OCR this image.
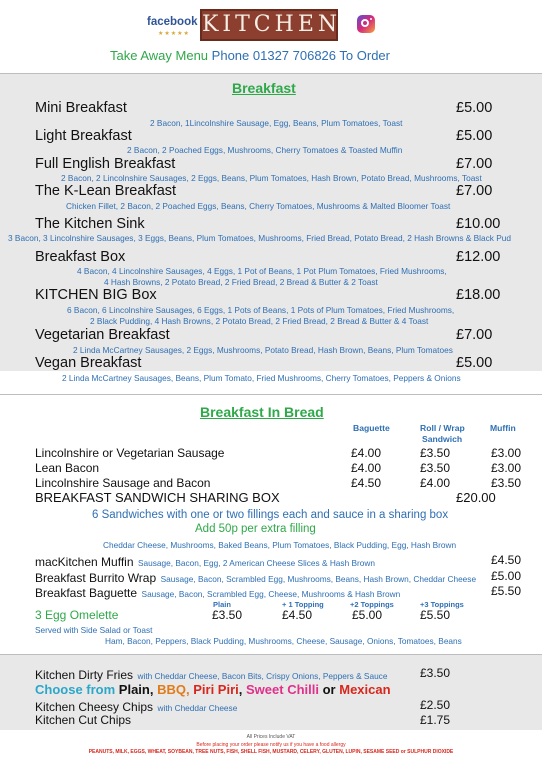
facebook
★★★★★ KITCHEN
Take Away Menu Phone 01327 706826 To Order
Breakfast
Mini Breakfast	£5.00
2 Bacon, 1Lincolnshire Sausage, Egg, Beans, Plum Tomatoes, Toast
Light Breakfast	£5.00
2 Bacon, 2 Poached Eggs, Mushrooms, Cherry Tomatoes & Toasted Muffin
Full English Breakfast	£7.00
2 Bacon, 2 Lincolnshire Sausages, 2 Eggs, Beans, Plum Tomatoes, Hash Brown, Potato Bread, Mushrooms, Toast
The K-Lean Breakfast	£7.00
Chicken Fillet, 2 Bacon, 2 Poached Eggs, Beans, Cherry Tomatoes, Mushrooms & Malted Bloomer Toast
The Kitchen Sink	£10.00
3 Bacon, 3 Lincolnshire Sausages, 3 Eggs, Beans, Plum Tomatoes, Mushrooms, Fried Bread, Potato Bread, 2 Hash Browns & Black Pud
Breakfast Box	£12.00
4 Bacon, 4 Lincolnshire Sausages, 4 Eggs, 1 Pot of Beans, 1 Pot Plum Tomatoes, Fried Mushrooms,
4 Hash Browns, 2 Potato Bread, 2 Fried Bread, 2 Bread & Butter & 2 Toast
KITCHEN BIG Box	£18.00
6 Bacon, 6 Lincolnshire Sausages, 6 Eggs, 1 Pots of Beans, 1 Pots of Plum Tomatoes, Fried Mushrooms,
2 Black Pudding, 4 Hash Browns, 2 Potato Bread, 2 Fried Bread, 2 Bread & Butter & 4 Toast
Vegetarian Breakfast	£7.00
2 Linda McCartney Sausages, 2 Eggs, Mushrooms, Potato Bread, Hash Brown, Beans, Plum Tomatoes
Vegan Breakfast	£5.00
2 Linda McCartney Sausages, Beans, Plum Tomato, Fried Mushrooms, Cherry Tomatoes, Peppers & Onions
Breakfast In Bread
Baguette	Roll / Wrap
Sandwich
Muffin
Lincolnshire or Vegetarian Sausage	£4.00	£3.50	£3.00
Lean Bacon	£4.00	£3.50	£3.00
Lincolnshire Sausage and Bacon	£4.50	£4.00	£3.50
BREAKFAST SANDWICH SHARING BOX	£20.00
6 Sandwiches with one or two fillings each and sauce in a sharing box
Add 50p per extra filling
Cheddar Cheese, Mushrooms, Baked Beans, Plum Tomatoes, Black Pudding, Egg, Hash Brown
macKitchen Muffin Sausage, Bacon, Egg, 2 American Cheese Slices & Hash Brown	£4.50
Breakfast Burrito Wrap Sausage, Bacon, Scrambled Egg, Mushrooms, Beans, Hash Brown, Cheddar Cheese £5.00
Breakfast Baguette Sausage, Bacon, Scrambled Egg, Cheese, Mushrooms & Hash Brown	£5.50
Plain	+ 1 Topping	+2 Toppings	+3 Toppings
3 Egg Omelette	£3.50	£4.50	£5.00	£5.50
Served with Side Salad or Toast
Ham, Bacon, Peppers, Black Pudding, Mushrooms, Cheese, Sausage, Onions, Tomatoes, Beans
Kitchen Dirty Fries with Cheddar Cheese, Bacon Bits, Crispy Onions, Peppers & Sauce	£3.50
Choose from Plain, BBQ, Piri Piri, Sweet Chilli or Mexican
Kitchen Cheesy Chips with Cheddar Cheese	£2.50
Kitchen Cut Chips	£1.75
All Prices Include VAT
Before placing your order please notify us if you have a food allergy
PEANUTS, MILK, EGGS, WHEAT, SOYBEAN, TREE NUTS, FISH, SHELL FISH, MUSTARD, CELERY, GLUTEN, LUPIN, SESAME SEED or SULPHUR DIOXIDE
